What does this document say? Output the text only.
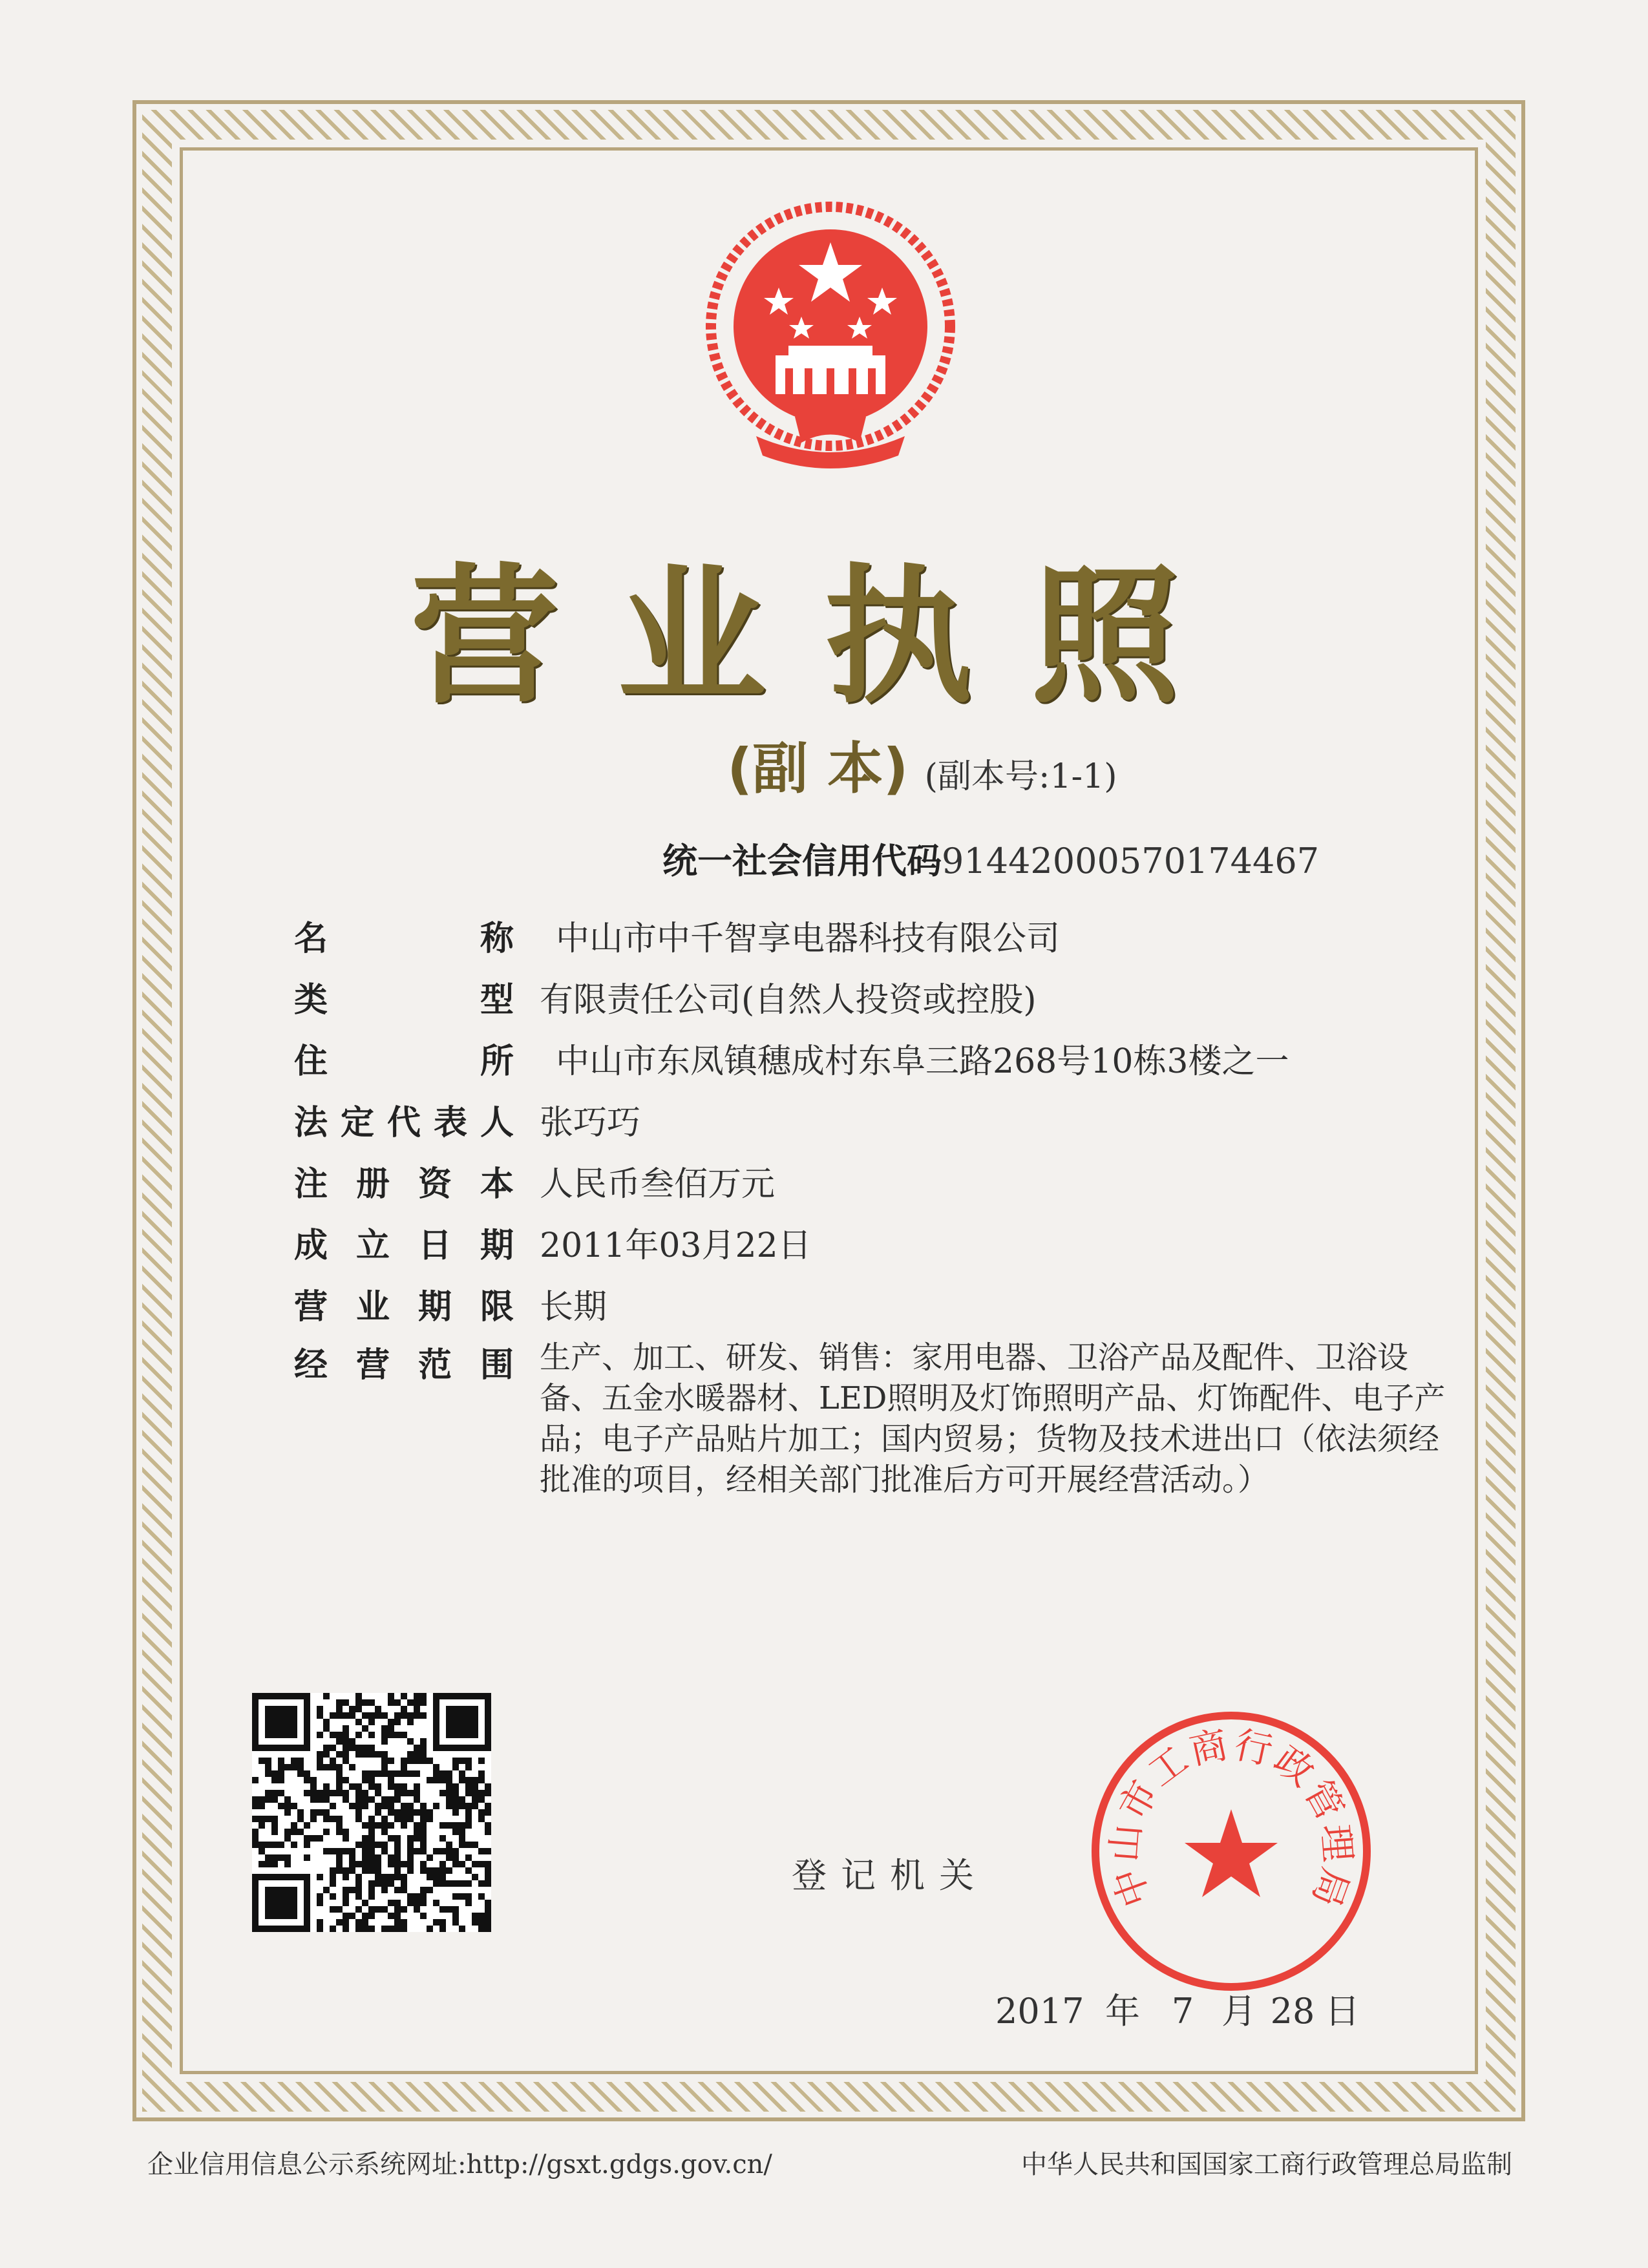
营业执照
(副 本) (副本号:1-1)
统一社会信用代码91442000570174467
名称 中山市中千智享电器科技有限公司
类型 有限责任公司(自然人投资或控股)
住所 中山市东凤镇穗成村东阜三路268号10栋3楼之一
法定代表人 张巧巧
注册资本 人民币叁佰万元
成立日期 2011年03月22日
营业期限 长期
经营范围 生产、加工、研发、销售：家用电器、卫浴产品及配件、卫浴设备、五金水暖器材、LED照明及灯饰照明产品、灯饰配件、电子产品；电子产品贴片加工；国内贸易；货物及技术进出口（依法须经批准的项目，经相关部门批准后方可开展经营活动。）
登记机关	中
山
市
工
商
行
政
管
理
局
2017 年 7 月 28 日
企业信用信息公示系统网址:http://gsxt.gdgs.gov.cn/	中华人民共和国国家工商行政管理总局监制
